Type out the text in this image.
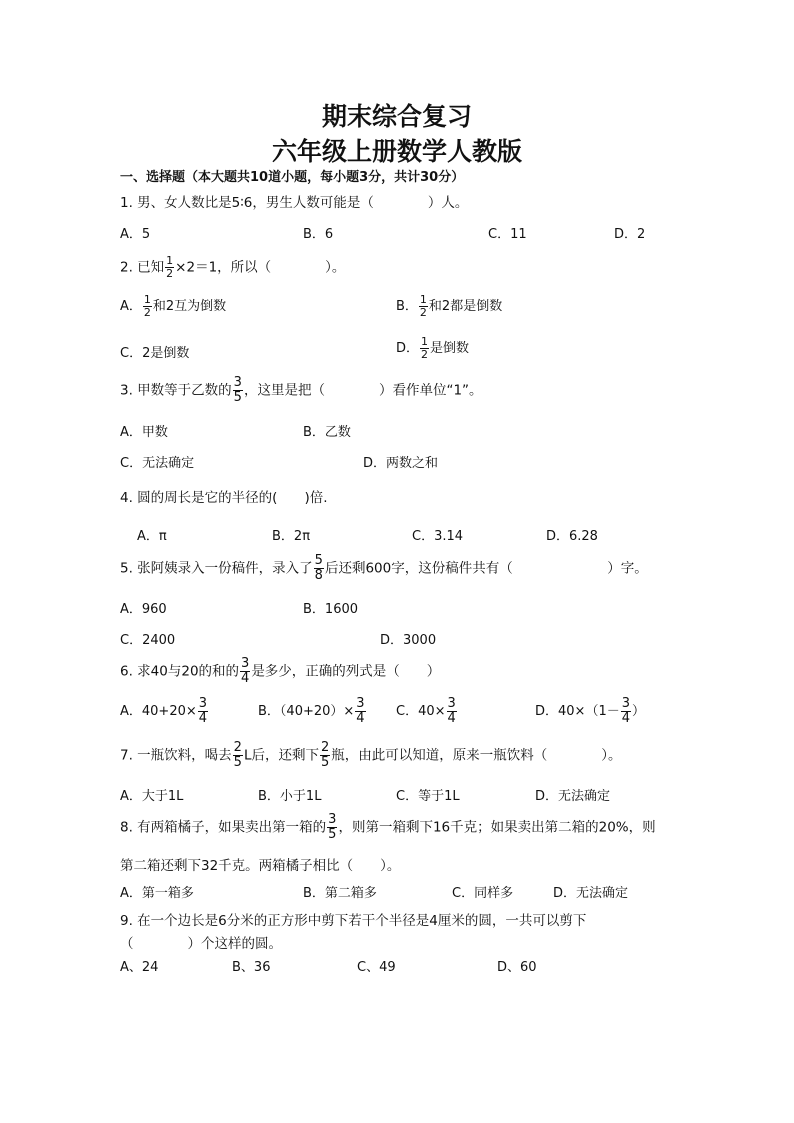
期末综合复习
六年级上册数学人教版
一、选择题（本大题共10道小题，每小题3分，共计30分）
1. 男、女人数比是5∶6，男生人数可能是（　　　　）人。
A．5	B．6	C．11	D．2
2. 已知 $\frac{1}{2} \times 2=1$，所以（　　　　）。
A． $\frac{1}{2}$ 和2互为倒数	B． $\frac{1}{2}$ 和2都是倒数
C．2是倒数	D． $\frac{1}{2}$ 是倒数
3. 甲数等于乙数的 $\frac{3}{5}$ ，这里是把（　　　　）看作单位“1”。
A．甲数	B．乙数
C．无法确定	D．两数之和
4. 圆的周长是它的半径的(　　)倍.
A．π	B．2π	C．3.14	D．6.28
5. 张阿姨录入一份稿件，录入了 $\frac{5}{8}$ 后还剩600字，这份稿件共有（　　　　　　　）字。
A．960	B．1600
C．2400	D．3000
6. 求40与20的和的 $\frac{3}{4}$ 是多少，正确的列式是（　　）
A．$40+20\times \frac{3}{4}$	B．$(40+20)\times \frac{3}{4}$ C．$40\times \frac{3}{4}$	D．$40\times(1- \frac{3}{4}$ ）
7. 一瓶饮料，喝去 $\frac{2}{5}$ L后，还剩下 $\frac{2}{5}$ 瓶，由此可以知道，原来一瓶饮料（　　　　）。
A．大于1L	B．小于1L	C．等于1L	D．无法确定
8. 有两箱橘子，如果卖出第一箱的 $\frac{3}{5}$ ，则第一箱剩下16千克；如果卖出第二箱的20%，则
第二箱还剩下32千克。两箱橘子相比（　　）。
A．第一箱多	B．第二箱多	C．同样多	D．无法确定
9. 在一个边长是6分米的正方形中剪下若干个半径是4厘米的圆，一共可以剪下
（　　　　）个这样的圆。
A、24	B、36	C、49	D、60
